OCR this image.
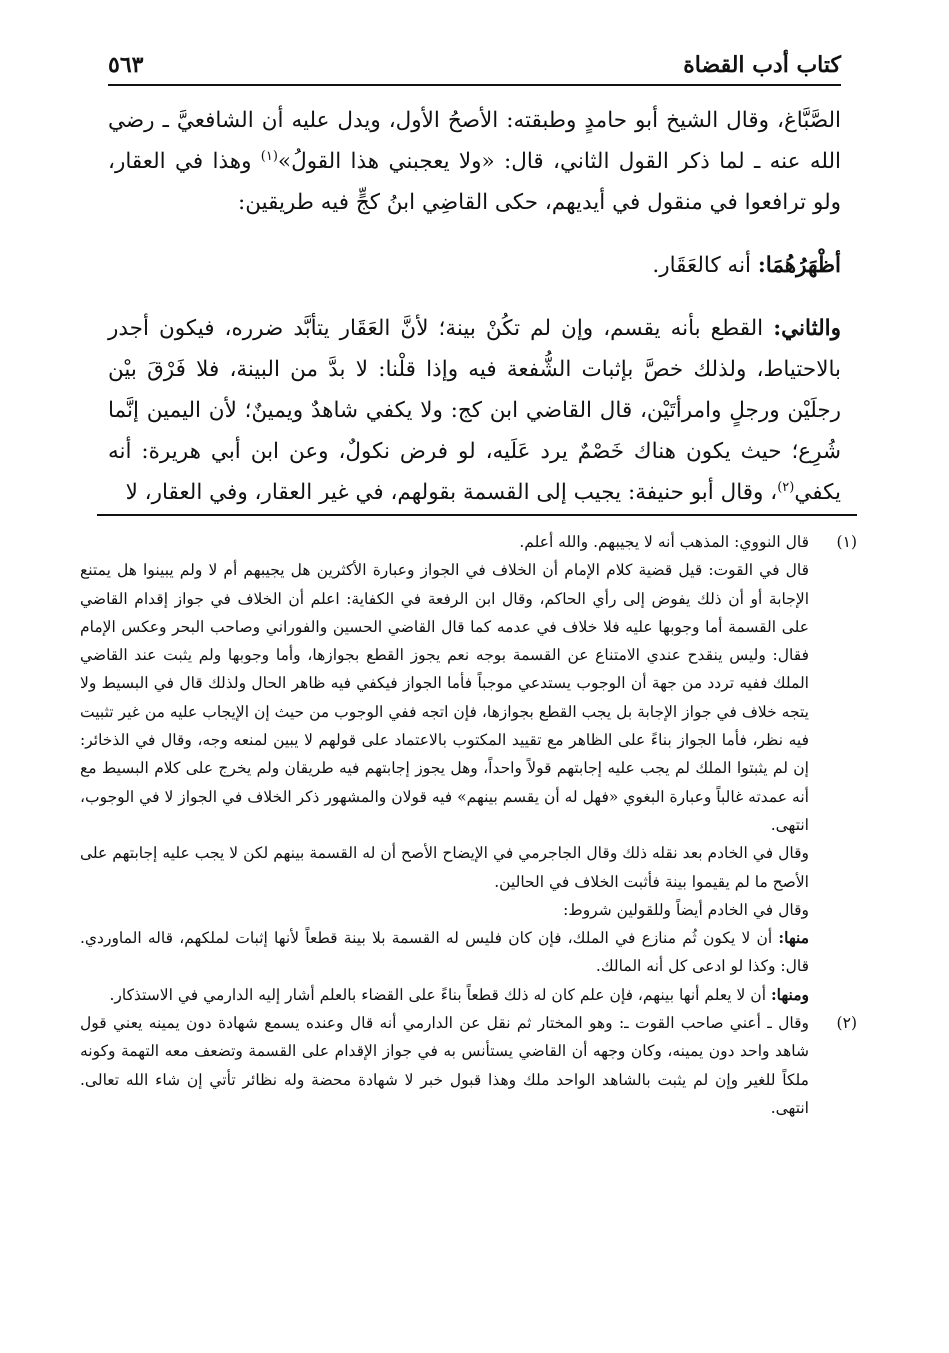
٥٦٣	كتاب أدب القضاة

الصَّبَّاغ، وقال الشيخ أبو حامدٍ وطبقته: الأصحُ الأول، ويدل عليه أن الشافعيَّ ـ رضي الله عنه ـ لما ذكر القول الثاني، قال: «ولا يعجبني هذا القولُ»$^{(١)}$ وهذا في العقار، ولو ترافعوا في منقول في أيديهم، حكى القاضِي ابنُ كجٍّ فيه طريقين:

أظْهَرُهُمَا: أنه كالعَقَار.

والثاني: القطع بأنه يقسم، وإن لم تكُنْ بينة؛ لأنَّ العَقَار يتأبَّد ضرره، فيكون أجدر بالاحتياط، ولذلك خصَّ بإثبات الشُّفعة فيه وإذا قلْنا: لا بدَّ من البينة، فلا فَرْقَ بيْن رجلَيْن ورجلٍ وامرأتَيْن، قال القاضي ابن كج: ولا يكفي شاهدٌ ويمينٌ؛ لأن اليمين إنَّما شُرِع؛ حيث يكون هناك خَصْمٌ يرد عَلَيه، لو فرض نكولٌ، وعن ابن أبي هريرة: أنه يكفي$^{(٢)}$، وقال أبو حنيفة: يجيب إلى القسمة بقولهم، في غير العقار، وفي العقار، لا

(١)

قال النووي: المذهب أنه لا يجيبهم. والله أعلم.

قال في القوت: قيل قضية كلام الإمام أن الخلاف في الجواز وعبارة الأكثرين هل يجيبهم أم لا ولم يبينوا هل يمتنع الإجابة أو أن ذلك يفوض إلى رأي الحاكم، وقال ابن الرفعة في الكفاية: اعلم أن الخلاف في جواز إقدام القاضي على القسمة أما وجوبها عليه فلا خلاف في عدمه كما قال القاضي الحسين والفوراني وصاحب البحر وعكس الإمام فقال: وليس ينقدح عندي الامتناع عن القسمة بوجه نعم يجوز القطع بجوازها، وأما وجوبها ولم يثبت عند القاضي الملك ففيه تردد من جهة أن الوجوب يستدعي موجباً فأما الجواز فيكفي فيه ظاهر الحال ولذلك قال في البسيط ولا يتجه خلاف في جواز الإجابة بل يجب القطع بجوازها، فإن اتجه ففي الوجوب من حيث إن الإيجاب عليه من غير تثبيت فيه نظر، فأما الجواز بناءً على الظاهر مع تقييد المكتوب بالاعتماد على قولهم لا يبين لمنعه وجه، وقال في الذخائر: إن لم يثبتوا الملك لم يجب عليه إجابتهم قولاً واحداً، وهل يجوز إجابتهم فيه طريقان ولم يخرج على كلام البسيط مع أنه عمدته غالباً وعبارة البغوي «فهل له أن يقسم بينهم» فيه قولان والمشهور ذكر الخلاف في الجواز لا في الوجوب، انتهى.

وقال في الخادم بعد نقله ذلك وقال الجاجرمي في الإيضاح الأصح أن له القسمة بينهم لكن لا يجب عليه إجابتهم على الأصح ما لم يقيموا بينة فأثبت الخلاف في الحالين.

وقال في الخادم أيضاً وللقولين شروط:

منها: أن لا يكون ثُم منازع في الملك، فإن كان فليس له القسمة بلا بينة قطعاً لأنها إثبات لملكهم، قاله الماوردي. قال: وكذا لو ادعى كل أنه المالك.

ومنها: أن لا يعلم أنها بينهم، فإن علم كان له ذلك قطعاً بناءً على القضاء بالعلم أشار إليه الدارمي في الاستذكار.

(٢)

وقال ـ أعني صاحب القوت ـ: وهو المختار ثم نقل عن الدارمي أنه قال وعنده يسمع شهادة دون يمينه يعني قول شاهد واحد دون يمينه، وكان وجهه أن القاضي يستأنس به في جواز الإقدام على القسمة وتضعف معه التهمة وكونه ملكاً للغير وإن لم يثبت بالشاهد الواحد ملك وهذا قبول خبر لا شهادة محضة وله نظائر تأتي إن شاء الله تعالى. انتهى.
